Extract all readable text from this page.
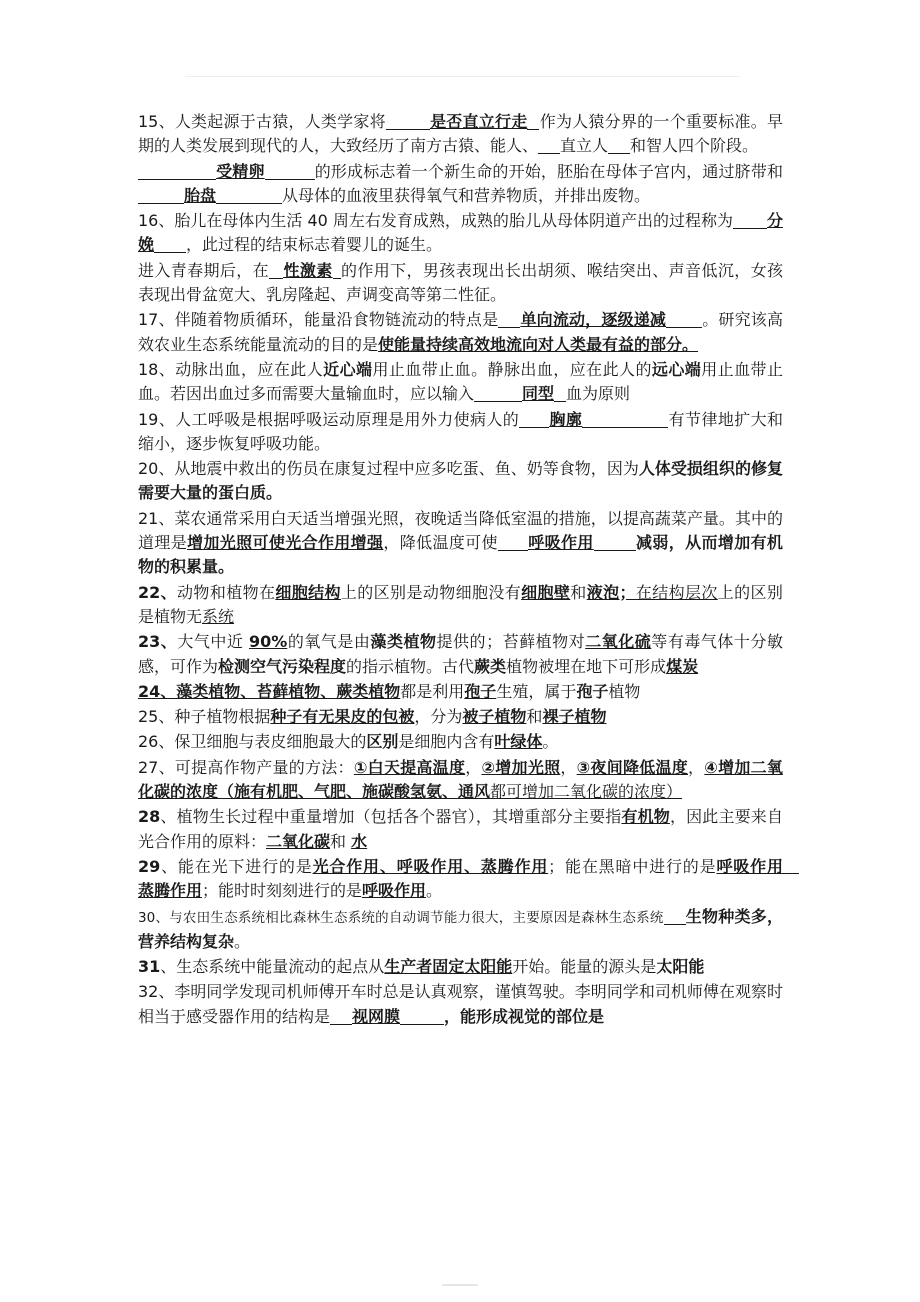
15、人类起源于古猿，人类学家将	是否直立行走 作为人猿分界的一个重要标准。早期的人类发展到现代的人，大致经历了南方古猿、能人、 直立人 和智人四个阶段。

受精卵	的形成标志着一个新生命的开始，胚胎在母体子宫内，通过脐带和胎盘	从母体的血液里获得氧气和营养物质，并排出废物。

16、胎儿在母体内生活 40 周左右发育成熟，成熟的胎儿从母体阴道产出的过程称为 分娩 ，此过程的结束标志着婴儿的诞生。

进入青春期后，在 性激素 的作用下，男孩表现出长出胡须、喉结突出、声音低沉，女孩表现出骨盆宽大、乳房隆起、声调变高等第二性征。

17、伴随着物质循环，能量沿食物链流动的特点是 单向流动，逐级递减 。研究该高效农业生态系统能量流动的目的是使能量持续高效地流向对人类最有益的部分。

18、动脉出血，应在此人近心端用止血带止血。静脉出血，应在此人的远心端用止血带止血。若因出血过多而需要大量输血时，应以输入	同型 血为原则

19、人工呼吸是根据呼吸运动原理是用外力使病人的 胸廓	有节律地扩大和缩小，逐步恢复呼吸功能。

20、从地震中救出的伤员在康复过程中应多吃蛋、鱼、奶等食物，因为人体受损组织的修复需要大量的蛋白质。

21、菜农通常采用白天适当增强光照，夜晚适当降低室温的措施，以提高蔬菜产量。其中的道理是增加光照可使光合作用增强，降低温度可使 呼吸作用	减弱，从而增加有机物的积累量。

22、动物和植物在细胞结构上的区别是动物细胞没有细胞壁和液泡；在结构层次上的区别是植物无系统

23、大气中近 90%的氧气是由藻类植物提供的；苔藓植物对二氧化硫等有毒气体十分敏感，可作为检测空气污染程度的指示植物。古代蕨类植物被埋在地下可形成煤炭

24、藻类植物、苔藓植物、蕨类植物都是利用孢子生殖，属于孢子植物

25、种子植物根据种子有无果皮的包被，分为被子植物和裸子植物

26、保卫细胞与表皮细胞最大的区别是细胞内含有叶绿体。

27、可提高作物产量的方法：①白天提高温度，②增加光照，③夜间降低温度，④增加二氧化碳的浓度（施有机肥、气肥、施碳酸氢氨、通风都可增加二氧化碳的浓度）

28、植物生长过程中重量增加（包括各个器官），其增重部分主要指有机物，因此主要来自光合作用的原料：二氧化碳和 水

29、能在光下进行的是光合作用、呼吸作用、蒸腾作用；能在黑暗中进行的是呼吸作用　蒸腾作用；能时时刻刻进行的是呼吸作用。

30、与农田生态系统相比森林生态系统的自动调节能力很大，主要原因是森林生态系统 生物种类多，营养结构复杂。

31、生态系统中能量流动的起点从生产者固定太阳能开始。能量的源头是太阳能

32、李明同学发现司机师傅开车时总是认真观察，谨慎驾驶。李明同学和司机师傅在观察时相当于感受器作用的结构是 视网膜	，能形成视觉的部位是
